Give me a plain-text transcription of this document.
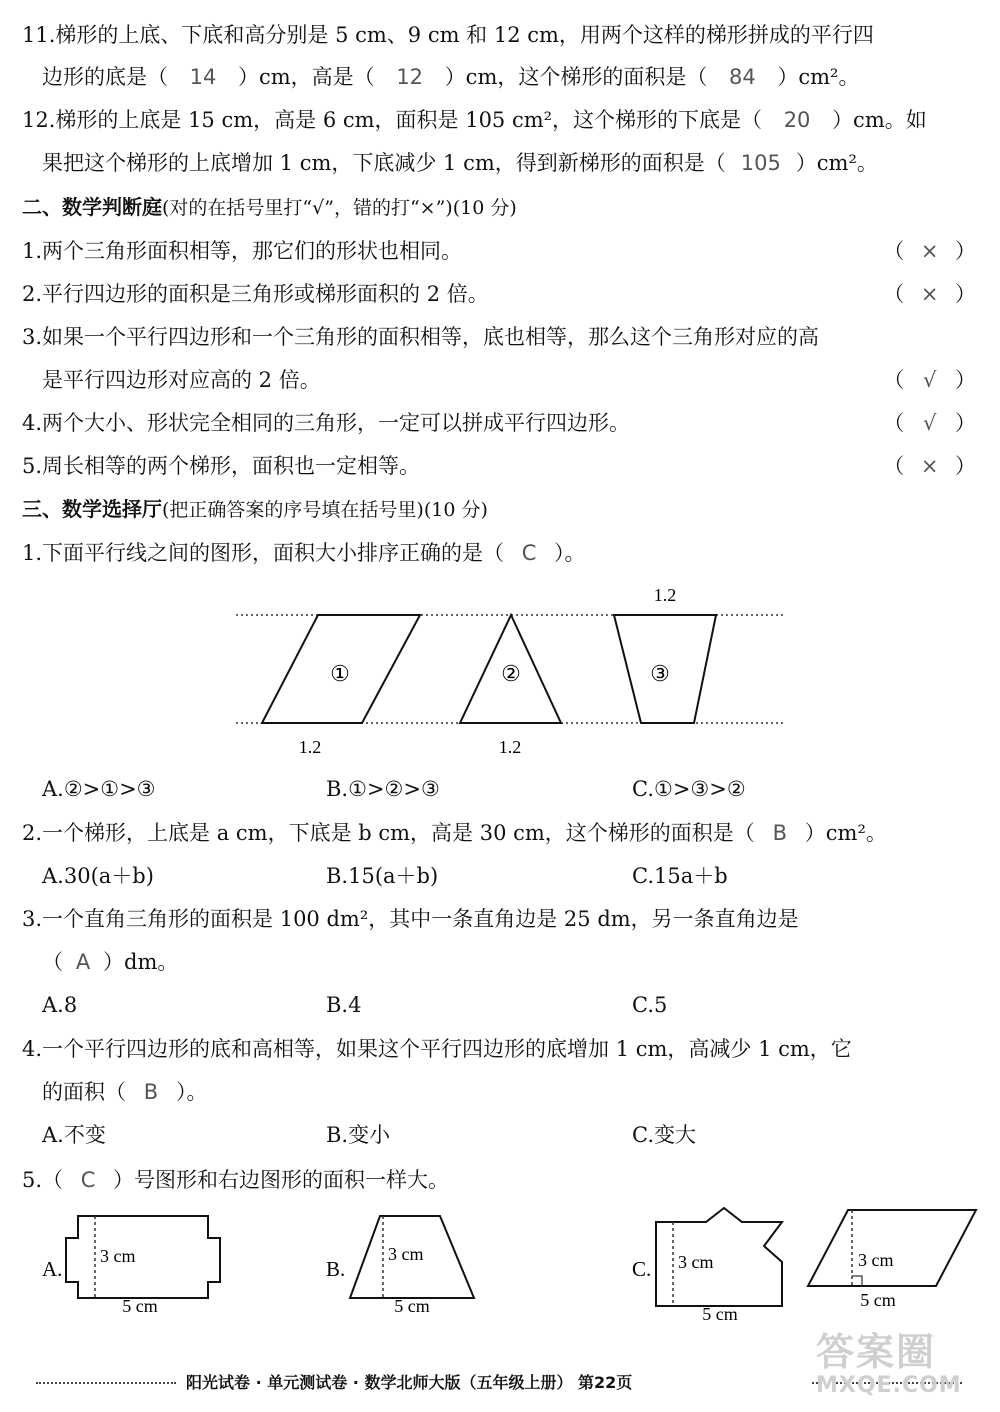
11.梯形的上底、下底和高分别是 5 cm、9 cm 和 12 cm，用两个这样的梯形拼成的平行四
边形的底是（ 14 ）cm，高是（ 12 ）cm，这个梯形的面积是（ 84 ）cm²。
12.梯形的上底是 15 cm，高是 6 cm，面积是 105 cm²，这个梯形的下底是（ 20 ）cm。如
果把这个梯形的上底增加 1 cm，下底减少 1 cm，得到新梯形的面积是（ 105 ）cm²。
二、数学判断庭(对的在括号里打“√”，错的打“×”)(10 分)
1.两个三角形面积相等，那它们的形状也相同。	（  ×  ）
2.平行四边形的面积是三角形或梯形面积的 2 倍。	（  ×  ）
3.如果一个平行四边形和一个三角形的面积相等，底也相等，那么这个三角形对应的高
是平行四边形对应高的 2 倍。	（  √  ）
4.两个大小、形状完全相同的三角形，一定可以拼成平行四边形。	（  √  ）
5.周长相等的两个梯形，面积也一定相等。	（  ×  ）
三、数学选择厅(把正确答案的序号填在括号里)(10 分)
1.下面平行线之间的图形，面积大小排序正确的是（ C ）。
①	②	③
1.2
1.2	1.2
A.②>①>③	B.①>②>③	C.①>③>②
2.一个梯形，上底是 a cm，下底是 b cm，高是 30 cm，这个梯形的面积是（ B ）cm²。
A.30(a＋b)	B.15(a＋b)	C.15a＋b
3.一个直角三角形的面积是 100 dm²，其中一条直角边是 25 dm，另一条直角边是
（ A ）dm。
A.8	B.4	C.5
4.一个平行四边形的底和高相等，如果这个平行四边形的底增加 1 cm，高减少 1 cm，它
的面积（ B ）。
A.不变	B.变小	C.变大
5.（ C ）号图形和右边图形的面积一样大。
A.
3 cm
5 cm
B.
3 cm
5 cm
C. 3 cm
5 cm
3 cm
5 cm
阳光试卷 · 单元测试卷 · 数学北师大版（五年级上册） 第22页
答案圈
MXQE.COM
